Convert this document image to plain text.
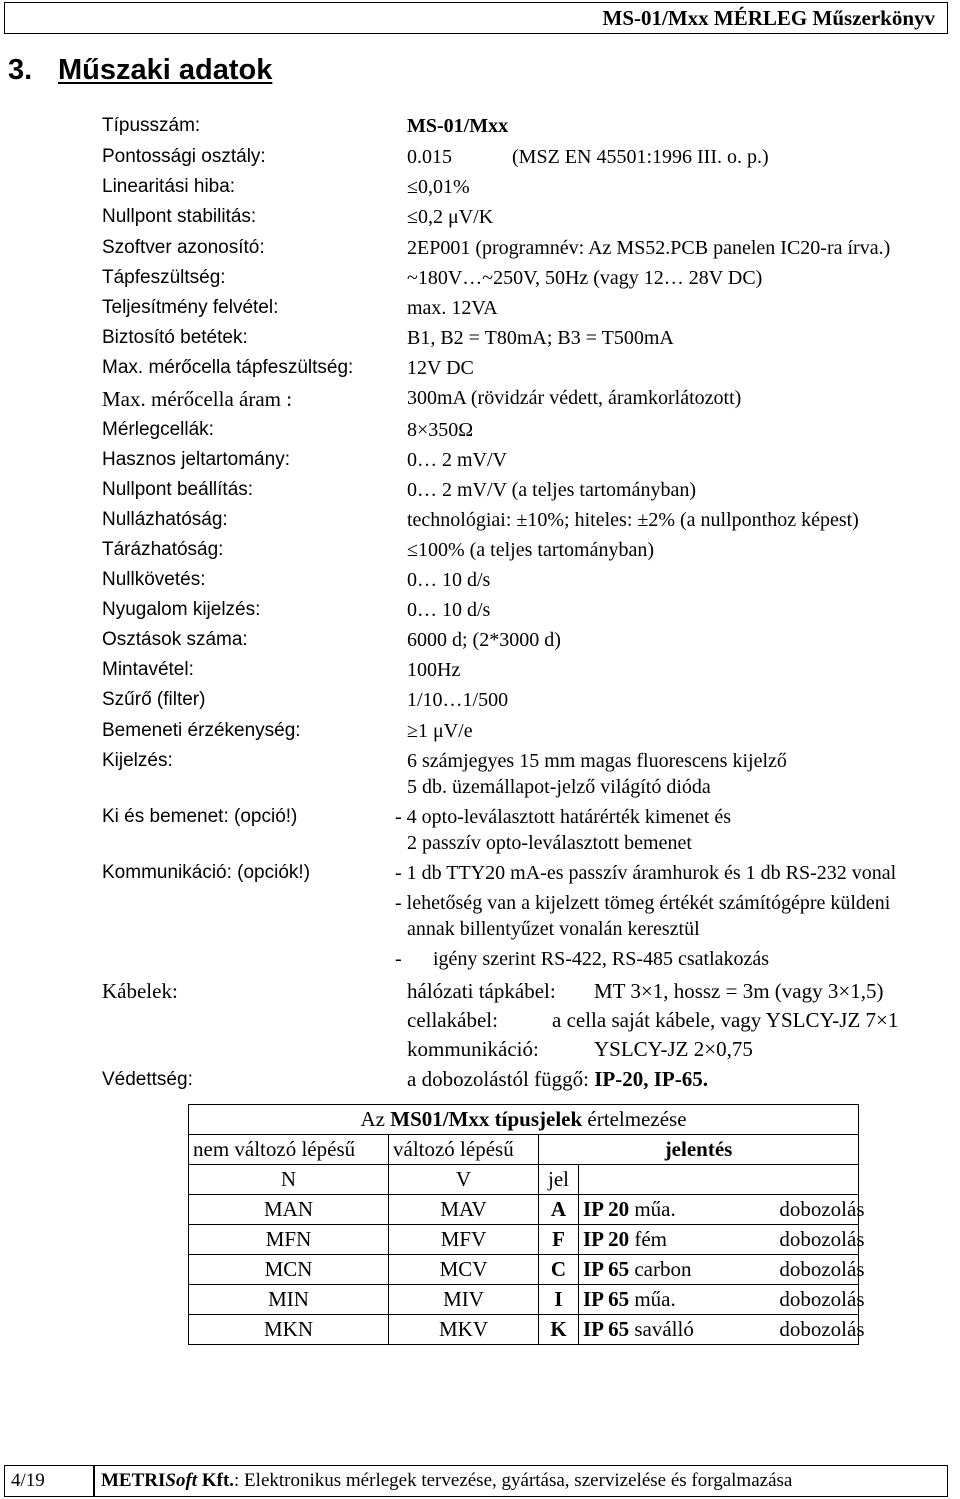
MS-01/Mxx MÉRLEG Műszerkönyv
3. Műszaki adatok
Típusszám:	MS-01/Mxx
Pontossági osztály:	0.015	(MSZ EN 45501:1996 III. o. p.)
Linearitási hiba:	≤0,01%
Nullpont stabilitás:	≤0,2 μV/K
Szoftver azonosító:	2EP001 (programnév: Az MS52.PCB panelen IC20-ra írva.)
Tápfeszültség:	~180V…~250V, 50Hz (vagy 12… 28V DC)
Teljesítmény felvétel:	max. 12VA
Biztosító betétek:	B1, B2 = T80mA; B3 = T500mA
Max. mérőcella tápfeszültség:	12V DC
Max. mérőcella áram :	300mA (rövidzár védett, áramkorlátozott)
Mérlegcellák:	8×350Ω
Hasznos jeltartomány:	0… 2 mV/V
Nullpont beállítás:	0… 2 mV/V (a teljes tartományban)
Nullázhatóság:	technológiai: ±10%; hiteles: ±2% (a nullponthoz képest)
Tárázhatóság:	≤100% (a teljes tartományban)
Nullkövetés:	0… 10 d/s
Nyugalom kijelzés:	0… 10 d/s
Osztások száma:	6000 d; (2*3000 d)
Mintavétel:	100Hz
Szűrő (filter)	1/10…1/500
Bemeneti érzékenység:	≥1 μV/e
Kijelzés:	6 számjegyes 15 mm magas fluorescens kijelző
5 db. üzemállapot-jelző világító dióda
Ki és bemenet: (opció!)	- 4 opto-leválasztott határérték kimenet és
2 passzív opto-leválasztott bemenet
Kommunikáció: (opciók!)	- 1 db TTY20 mA-es passzív áramhurok és 1 db RS-232 vonal
- lehetőség van a kijelzett tömeg értékét számítógépre küldeni
annak billentyűzet vonalán keresztül
- igény szerint RS-422, RS-485 csatlakozás
Kábelek:	hálózati tápkábel: MT 3×1, hossz = 3m (vagy 3×1,5)
cellakábel:	a cella saját kábele, vagy YSLCY-JZ 7×1
kommunikáció:	YSLCY-JZ 2×0,75
Védettség:	a dobozolástól függő: IP-20, IP-65.
Az MS01/Mxx típusjelek értelmezése			
nem változó lépésű	változó lépésű	jelentés	
N	V	jel	
MAN	MAV	A	IP 20 műa. dobozolás
MFN	MFV	F	IP 20 fém dobozolás
MCN	MCV	C	IP 65 carbon dobozolás
MIN	MIV	I	IP 65 műa. dobozolás
MKN	MKV	K	IP 65 saválló dobozolás
4/19	METRISoft Kft.: Elektronikus mérlegek tervezése, gyártása, szervizelése és forgalmazása
